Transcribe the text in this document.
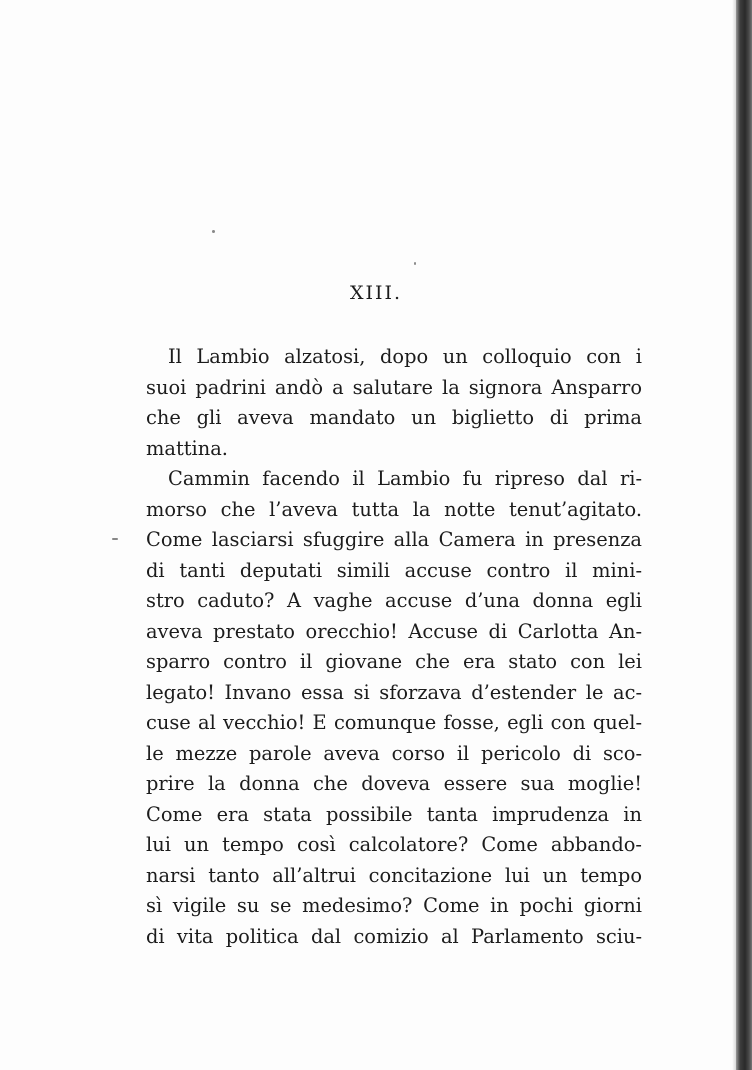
XIII.
Il Lambio alzatosi, dopo un colloquio con i
suoi padrini andò a salutare la signora Ansparro
che gli aveva mandato un biglietto di prima
mattina.
Cammin facendo il Lambio fu ripreso dal ri-
morso che l’aveva tutta la notte tenut’agitato.
Come lasciarsi sfuggire alla Camera in presenza
di tanti deputati simili accuse contro il mini-
stro caduto? A vaghe accuse d’una donna egli
aveva prestato orecchio! Accuse di Carlotta An-
sparro contro il giovane che era stato con lei
legato! Invano essa si sforzava d’estender le ac-
cuse al vecchio! E comunque fosse, egli con quel-
le mezze parole aveva corso il pericolo di sco-
prire la donna che doveva essere sua moglie!
Come era stata possibile tanta imprudenza in
lui un tempo così calcolatore? Come abbando-
narsi tanto all’altrui concitazione lui un tempo
sì vigile su se medesimo? Come in pochi giorni
di vita politica dal comizio al Parlamento sciu-
